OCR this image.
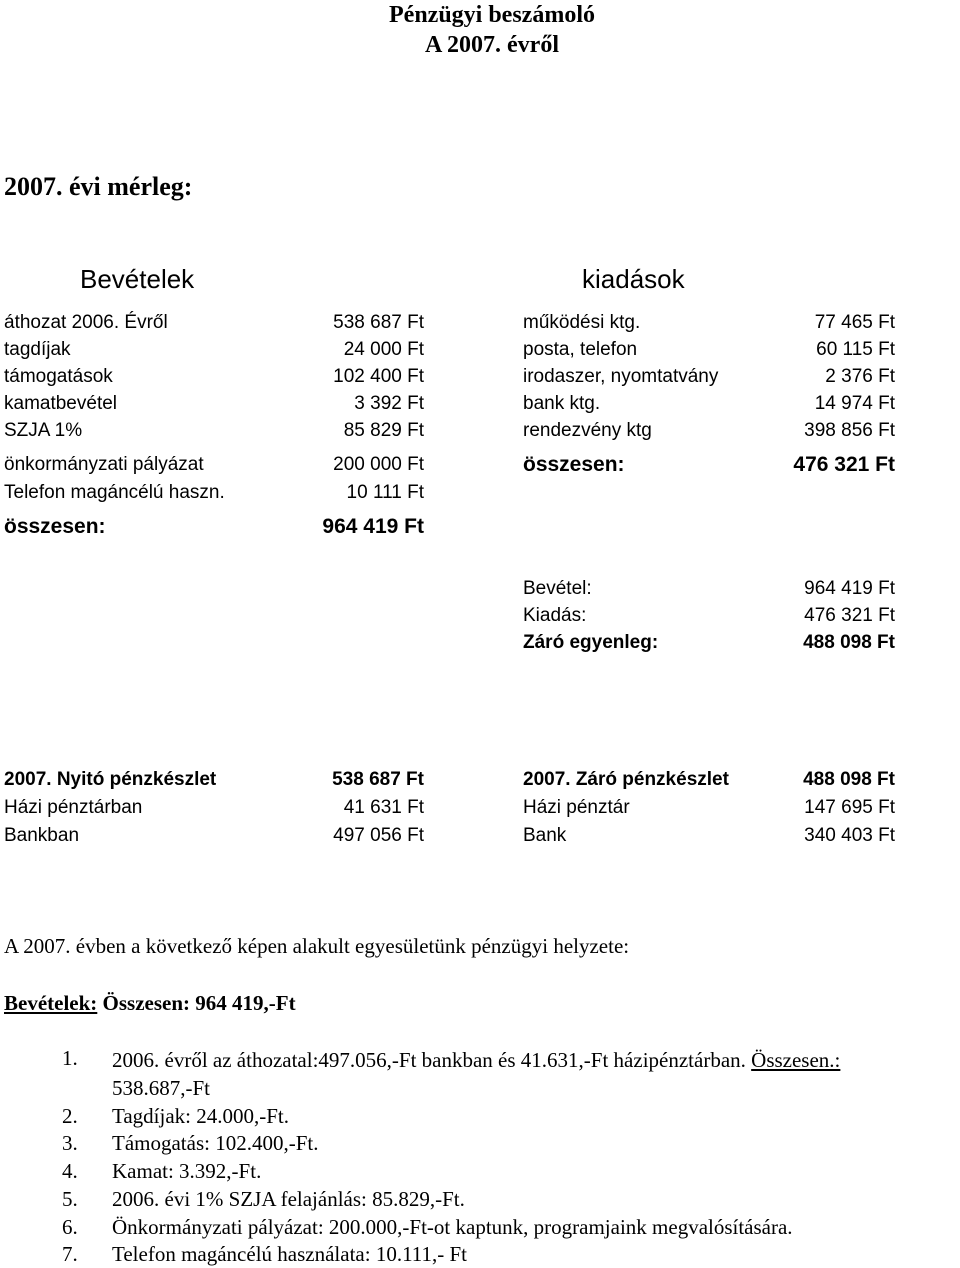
Pénzügyi beszámoló
A 2007. évről
2007. évi mérleg:
Bevételek
áthozat 2006. Évről	538 687 Ft
tagdíjak	24 000 Ft
támogatások	102 400 Ft
kamatbevétel	3 392 Ft
SZJA 1%	85 829 Ft
önkormányzati pályázat	200 000 Ft
Telefon magáncélú haszn.	10 111 Ft
összesen:	964 419 Ft
kiadások
működési ktg.	77 465 Ft
posta, telefon	60 115 Ft
irodaszer, nyomtatvány	2 376 Ft
bank ktg.	14 974 Ft
rendezvény ktg	398 856 Ft
összesen:	476 321 Ft
Bevétel:	964 419 Ft
Kiadás:	476 321 Ft
Záró egyenleg:	488 098 Ft
2007. Nyitó pénzkészlet	538 687 Ft
Házi pénztárban	41 631 Ft
Bankban	497 056 Ft
2007. Záró pénzkészlet	488 098 Ft
Házi pénztár	147 695 Ft
Bank	340 403 Ft
A 2007. évben a következő képen alakult egyesületünk pénzügyi helyzete:
Bevételek: Összesen: 964 419,-Ft
1. 2006. évről az áthozatal:497.056,-Ft bankban és 41.631,-Ft házipénztárban. Összesen.:
538.687,-Ft
2. Tagdíjak: 24.000,-Ft.
3. Támogatás: 102.400,-Ft.
4. Kamat: 3.392,-Ft.
5. 2006. évi 1% SZJA felajánlás: 85.829,-Ft.
6. Önkormányzati pályázat: 200.000,-Ft-ot kaptunk, programjaink megvalósítására.
7. Telefon magáncélú használata: 10.111,- Ft
